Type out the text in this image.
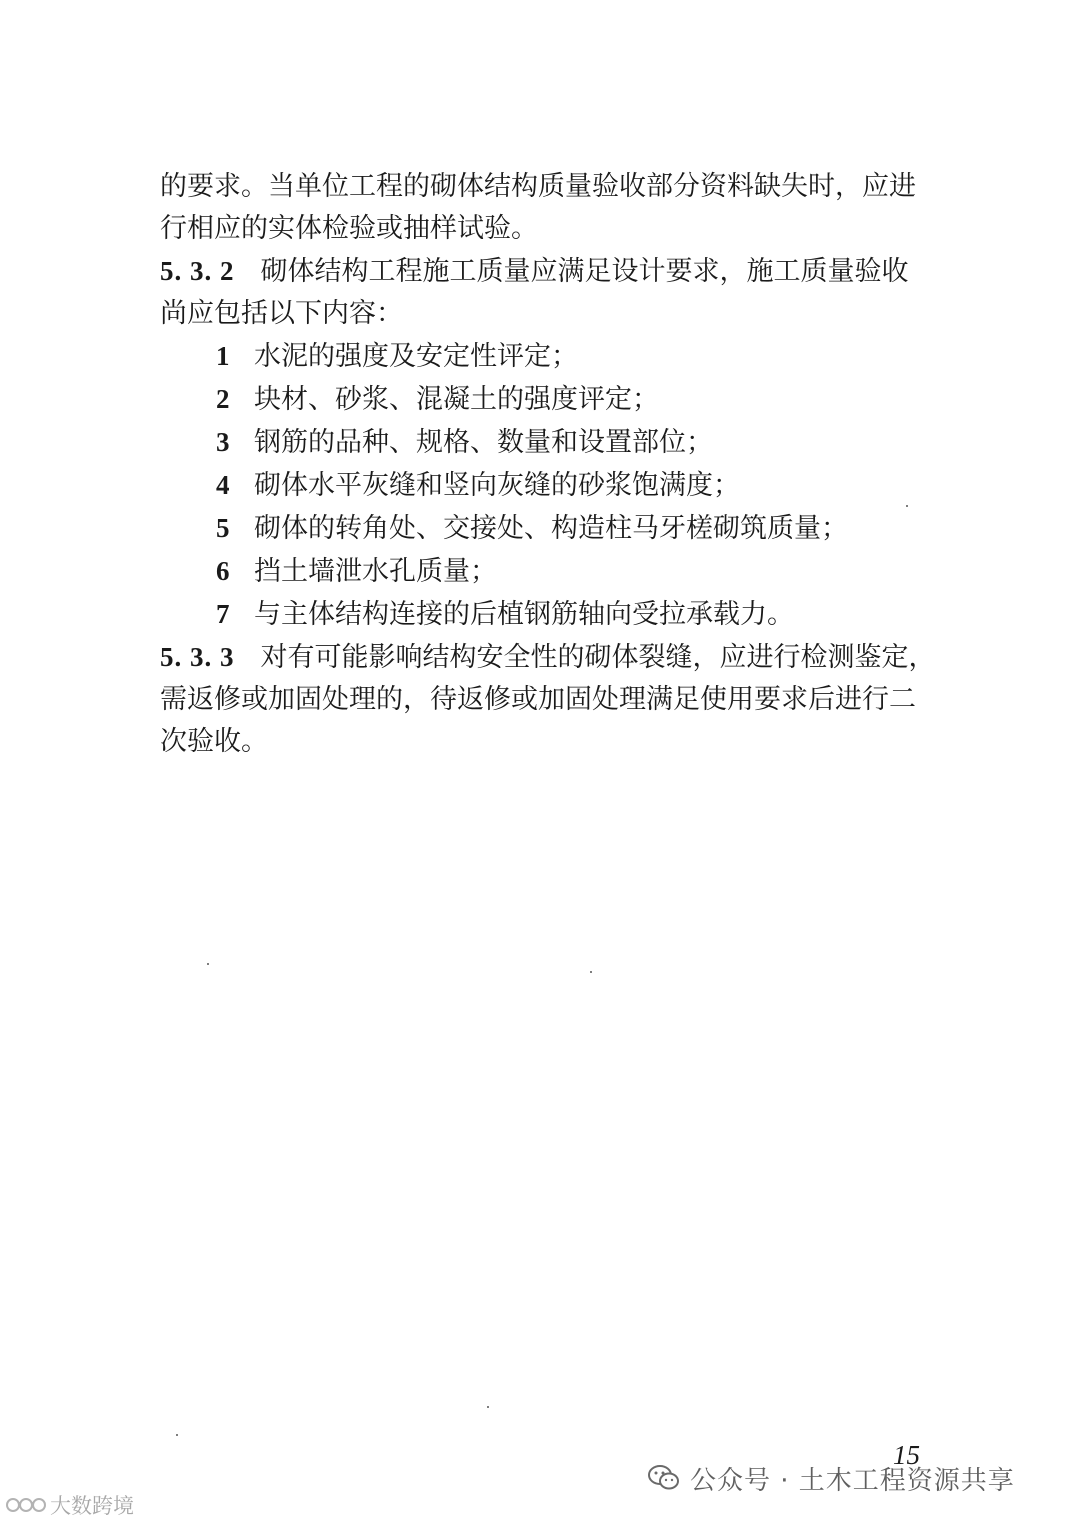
的要求。当单位工程的砌体结构质量验收部分资料缺失时，应进
行相应的实体检验或抽样试验。

5. 3. 2 砌体结构工程施工质量应满足设计要求，施工质量验收
尚应包括以下内容：

1 水泥的强度及安定性评定；
2 块材、砂浆、混凝土的强度评定；
3 钢筋的品种、规格、数量和设置部位；
4 砌体水平灰缝和竖向灰缝的砂浆饱满度；
5 砌体的转角处、交接处、构造柱马牙槎砌筑质量；
6 挡土墙泄水孔质量；
7 与主体结构连接的后植钢筋轴向受拉承载力。

5. 3. 3 对有可能影响结构安全性的砌体裂缝，应进行检测鉴定，
需返修或加固处理的，待返修或加固处理满足使用要求后进行二
次验收。

15
公众号 · 土木工程资源共享
大数跨境
